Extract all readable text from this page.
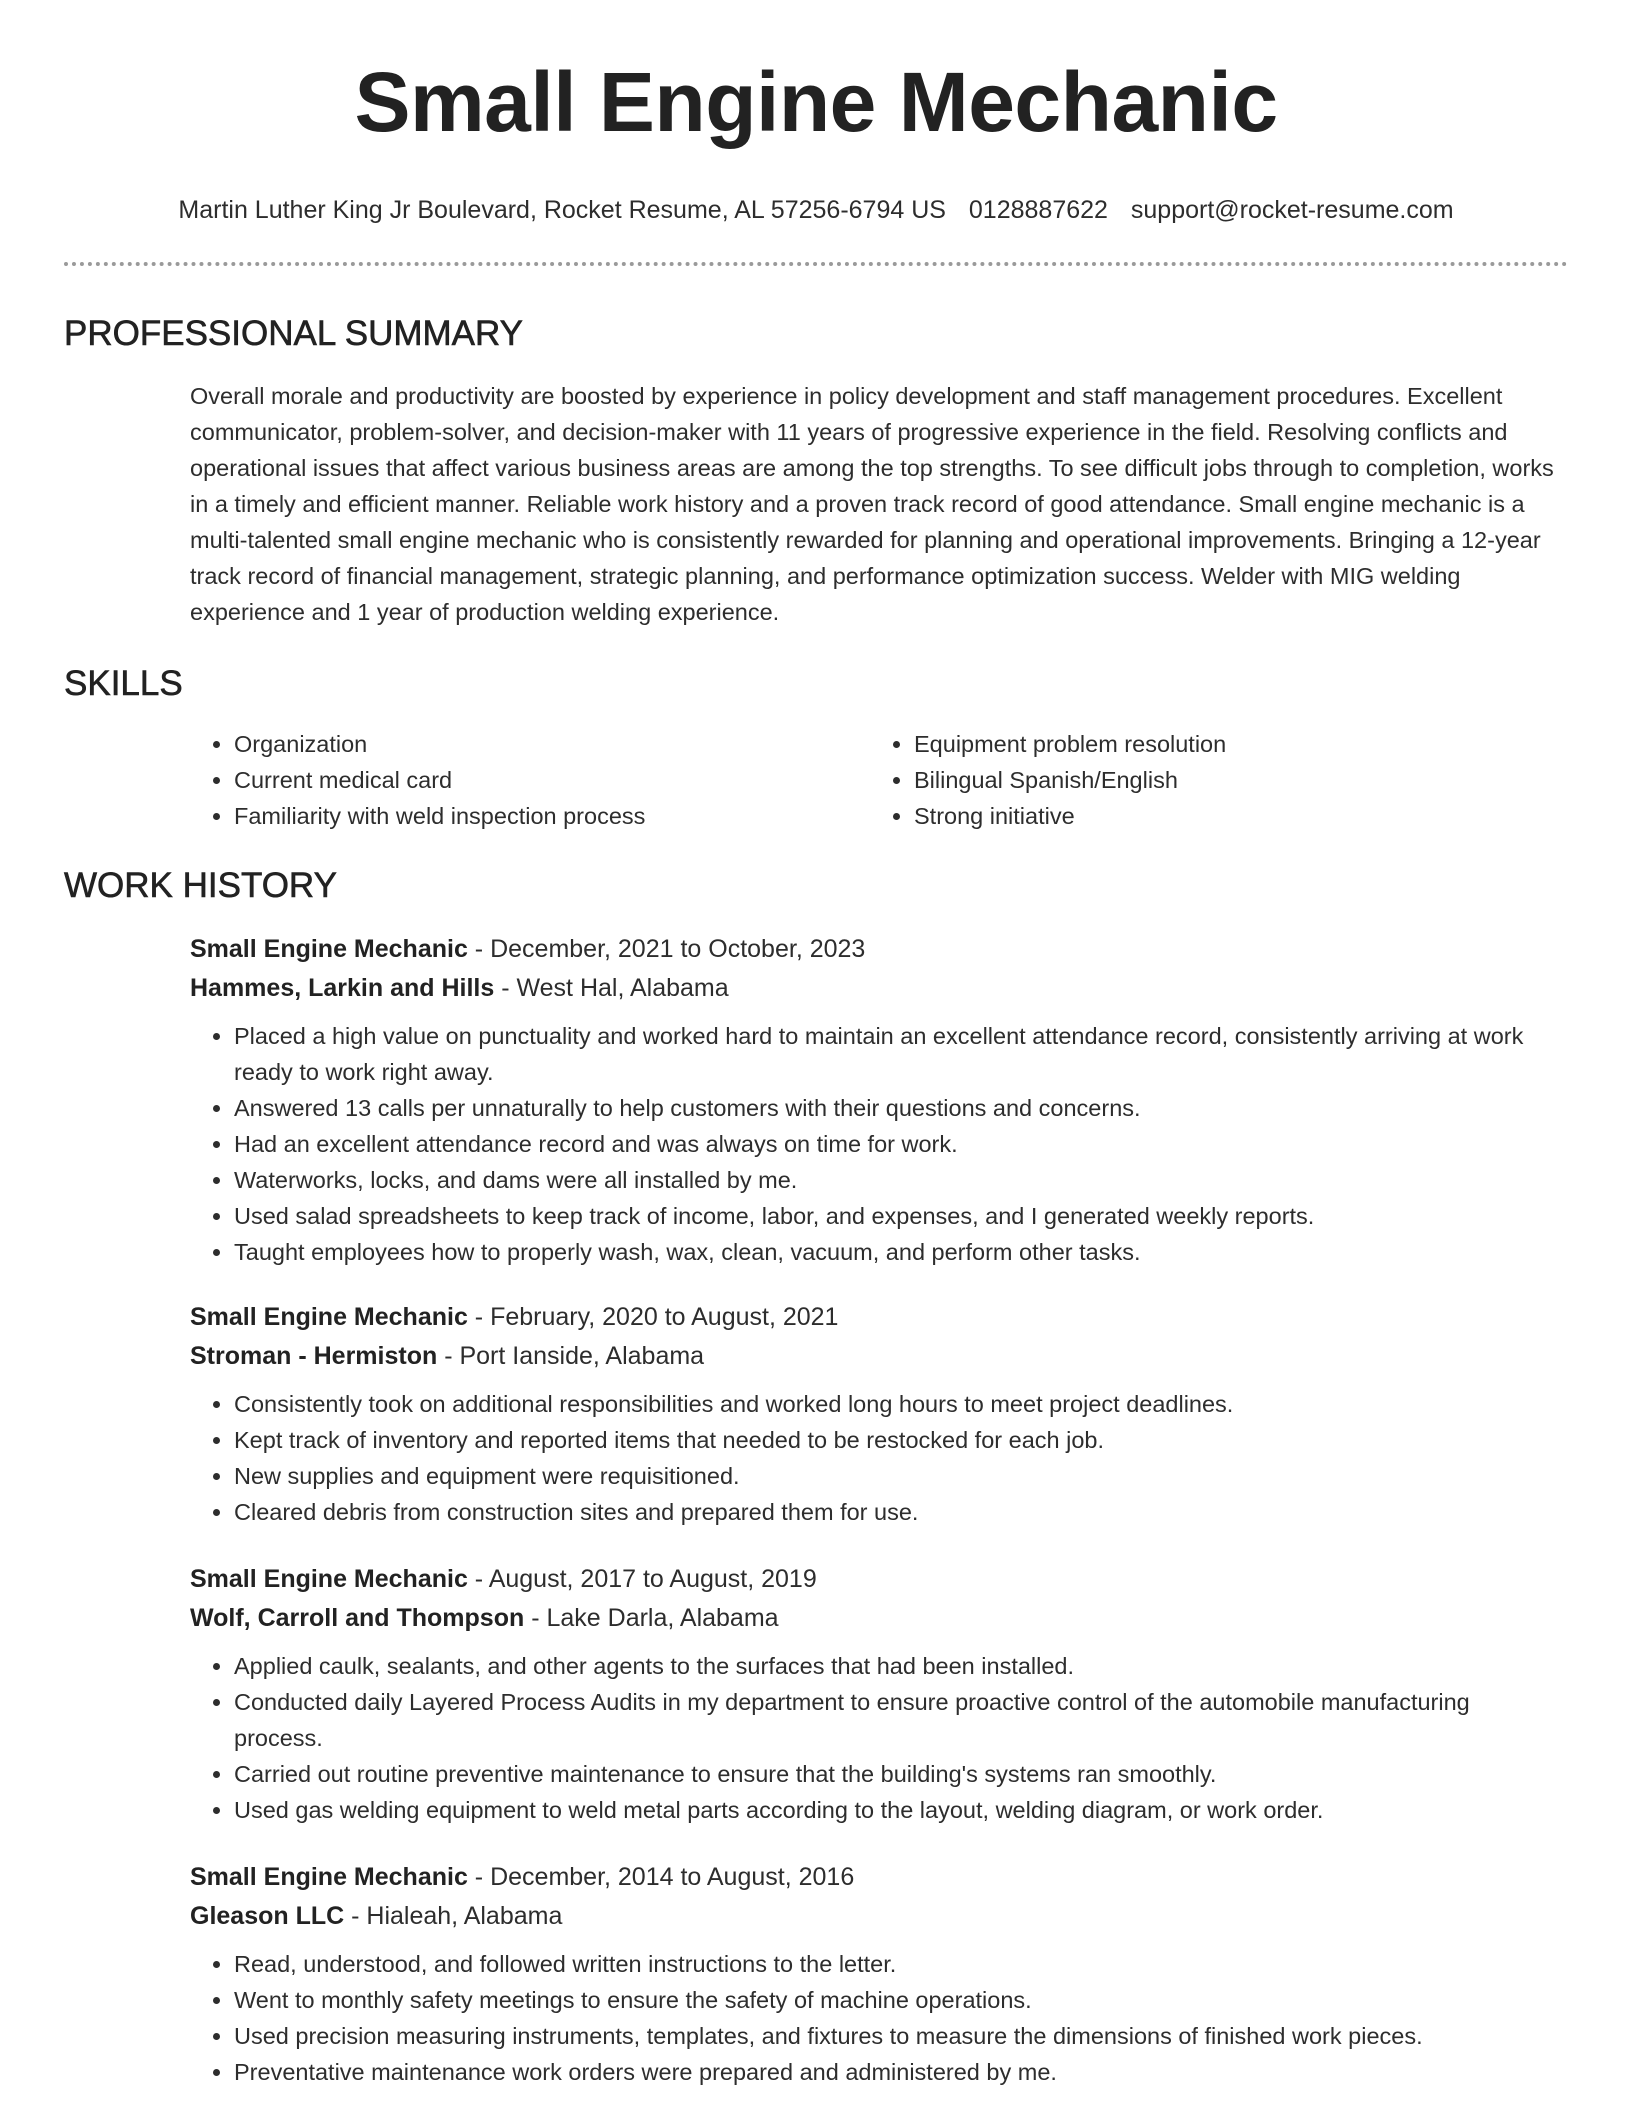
Small Engine Mechanic
Martin Luther King Jr Boulevard, Rocket Resume, AL 57256-6794 US 0128887622 support@rocket-resume.com
PROFESSIONAL SUMMARY
Overall morale and productivity are boosted by experience in policy development and staff management procedures. Excellent communicator, problem-solver, and decision-maker with 11 years of progressive experience in the field. Resolving conflicts and operational issues that affect various business areas are among the top strengths. To see difficult jobs through to completion, works in a timely and efficient manner. Reliable work history and a proven track record of good attendance. Small engine mechanic is a multi-talented small engine mechanic who is consistently rewarded for planning and operational improvements. Bringing a 12-year track record of financial management, strategic planning, and performance optimization success. Welder with MIG welding experience and 1 year of production welding experience.
SKILLS
• Organization
• Current medical card
• Familiarity with weld inspection process
• Equipment problem resolution
• Bilingual Spanish/English
• Strong initiative
WORK HISTORY
Small Engine Mechanic - December, 2021 to October, 2023
Hammes, Larkin and Hills - West Hal, Alabama
• Placed a high value on punctuality and worked hard to maintain an excellent attendance record, consistently arriving at work ready to work right away.
• Answered 13 calls per unnaturally to help customers with their questions and concerns.
• Had an excellent attendance record and was always on time for work.
• Waterworks, locks, and dams were all installed by me.
• Used salad spreadsheets to keep track of income, labor, and expenses, and I generated weekly reports.
• Taught employees how to properly wash, wax, clean, vacuum, and perform other tasks.
Small Engine Mechanic - February, 2020 to August, 2021
Stroman - Hermiston - Port Ianside, Alabama
• Consistently took on additional responsibilities and worked long hours to meet project deadlines.
• Kept track of inventory and reported items that needed to be restocked for each job.
• New supplies and equipment were requisitioned.
• Cleared debris from construction sites and prepared them for use.
Small Engine Mechanic - August, 2017 to August, 2019
Wolf, Carroll and Thompson - Lake Darla, Alabama
• Applied caulk, sealants, and other agents to the surfaces that had been installed.
• Conducted daily Layered Process Audits in my department to ensure proactive control of the automobile manufacturing process.
• Carried out routine preventive maintenance to ensure that the building's systems ran smoothly.
• Used gas welding equipment to weld metal parts according to the layout, welding diagram, or work order.
Small Engine Mechanic - December, 2014 to August, 2016
Gleason LLC - Hialeah, Alabama
• Read, understood, and followed written instructions to the letter.
• Went to monthly safety meetings to ensure the safety of machine operations.
• Used precision measuring instruments, templates, and fixtures to measure the dimensions of finished work pieces.
• Preventative maintenance work orders were prepared and administered by me.
